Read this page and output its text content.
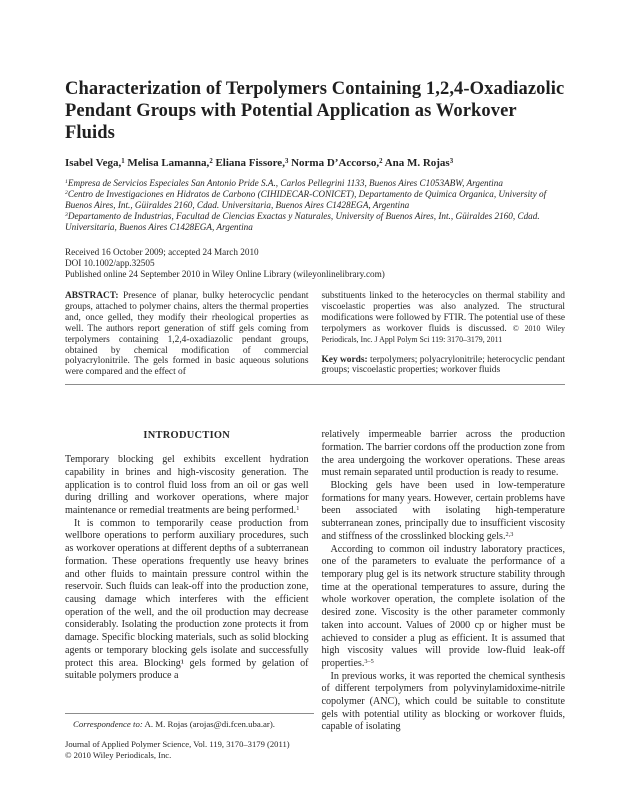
Characterization of Terpolymers Containing 1,2,4-Oxadiazolic Pendant Groups with Potential Application as Workover Fluids

Isabel Vega,$^1$ Melisa Lamanna,$^2$ Eliana Fissore,$^3$ Norma D’Accorso,$^2$ Ana M. Rojas$^3$

$^1$Empresa de Servicios Especiales San Antonio Pride S.A., Carlos Pellegrini 1133, Buenos Aires C1053ABW, Argentina
$^2$Centro de Investigaciones en Hidratos de Carbono (CIHIDECAR-CONICET), Departamento de Quimica Organica, University of Buenos Aires, Int., Güiraldes 2160, Cdad. Universitaria, Buenos Aires C1428EGA, Argentina
$^3$Departamento de Industrias, Facultad de Ciencias Exactas y Naturales, University of Buenos Aires, Int., Güiraldes 2160, Cdad. Universitaria, Buenos Aires C1428EGA, Argentina
Received 16 October 2009; accepted 24 March 2010
DOI 10.1002/app.32505
Published online 24 September 2010 in Wiley Online Library (wileyonlinelibrary.com)

ABSTRACT: Presence of planar, bulky heterocyclic pendant groups, attached to polymer chains, alters the thermal properties and, once gelled, they modify their rheological properties as well. The authors report generation of stiff gels coming from terpolymers containing 1,2,4-oxadiazolic pendant groups, obtained by chemical modification of commercial polyacrylonitrile. The gels formed in basic aqueous solutions were compared and the effect of

substituents linked to the heterocycles on thermal stability and viscoelastic properties was also analyzed. The structural modifications were followed by FTIR. The potential use of these terpolymers as workover fluids is discussed. © 2010 Wiley Periodicals, Inc. J Appl Polym Sci 119: 3170–3179, 2011

Key words: terpolymers; polyacrylonitrile; heterocyclic pendant groups; viscoelastic properties; workover fluids

INTRODUCTION

Temporary blocking gel exhibits excellent hydration capability in brines and high-viscosity generation. The application is to control fluid loss from an oil or gas well during drilling and workover operations, where major maintenance or remedial treatments are being performed.$^1$

It is common to temporarily cease production from wellbore operations to perform auxiliary procedures, such as workover operations at different depths of a subterranean formation. These operations frequently use heavy brines and other fluids to maintain pressure control within the reservoir. Such fluids can leak-off into the production zone, causing damage which interferes with the efficient operation of the well, and the oil production may decrease considerably. Isolating the production zone protects it from damage. Specific blocking materials, such as solid blocking agents or temporary blocking gels isolate and successfully protect this area. Blocking¹ gels formed by gelation of suitable polymers produce a

relatively impermeable barrier across the production formation. The barrier cordons off the production zone from the area undergoing the workover operations. These areas must remain separated until production is ready to resume.

Blocking gels have been used in low-temperature formations for many years. However, certain problems have been associated with isolating high-temperature subterranean zones, principally due to insufficient viscosity and stiffness of the crosslinked blocking gels.$^{2,3}$

According to common oil industry laboratory practices, one of the parameters to evaluate the performance of a temporary plug gel is its network structure stability through time at the operational temperatures to assure, during the whole workover operation, the complete isolation of the desired zone. Viscosity is the other parameter commonly taken into account. Values of 2000 cp or higher must be achieved to consider a plug as efficient. It is assumed that high viscosity values will provide low-fluid leak-off properties.$^{3-5}$

In previous works, it was reported the chemical synthesis of different terpolymers from polyvinylamidoxime-nitrile copolymer (ANC), which could be suitable to constitute gels with potential utility as blocking or workover fluids, capable of isolating

Correspondence to: A. M. Rojas (arojas@di.fcen.uba.ar).

Journal of Applied Polymer Science, Vol. 119, 3170–3179 (2011)
© 2010 Wiley Periodicals, Inc.
